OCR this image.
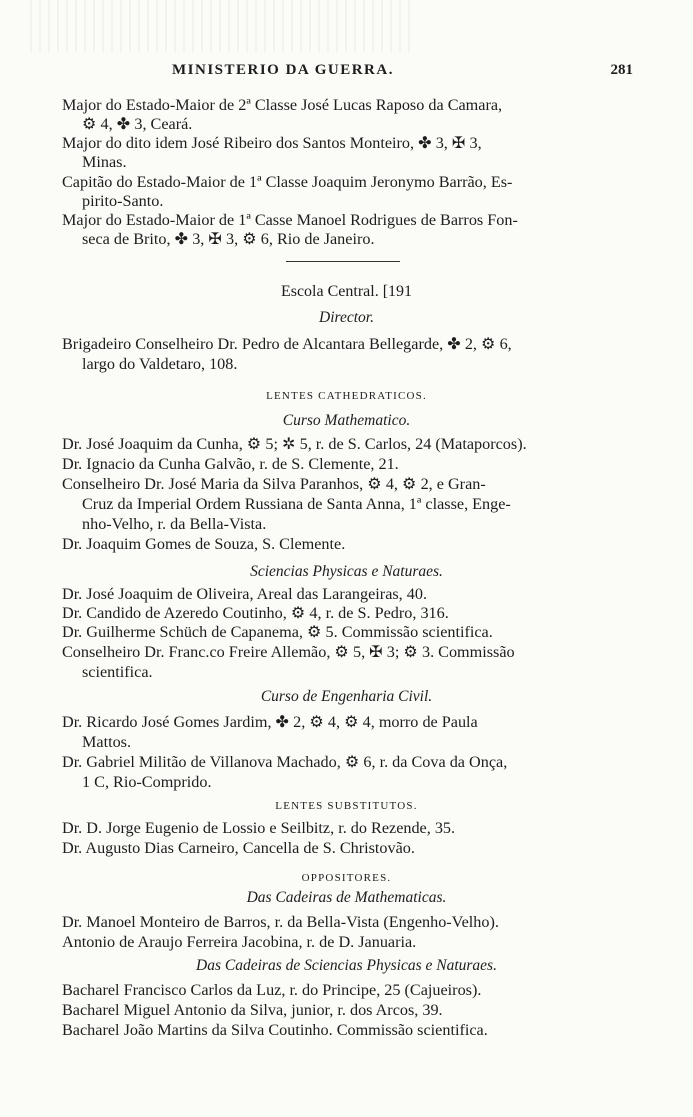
MINISTERIO DA GUERRA.	281
Major do Estado-Maior de 2ª Classe José Lucas Raposo da Camara,
⚙ 4, ✤ 3, Ceará.
Major do dito idem José Ribeiro dos Santos Monteiro, ✤ 3, ✠ 3,
Minas.
Capitão do Estado-Maior de 1ª Classe Joaquim Jeronymo Barrão, Es-
pirito-Santo.
Major do Estado-Maior de 1ª Casse Manoel Rodrigues de Barros Fon-
seca de Brito, ✤ 3, ✠ 3, ⚙ 6, Rio de Janeiro.
Escola Central. [191
Director.
Brigadeiro Conselheiro Dr. Pedro de Alcantara Bellegarde, ✤ 2, ⚙ 6,
largo do Valdetaro, 108.
LENTES CATHEDRATICOS.
Curso Mathematico.
Dr. José Joaquim da Cunha, ⚙ 5; ✲ 5, r. de S. Carlos, 24 (Mataporcos).
Dr. Ignacio da Cunha Galvão, r. de S. Clemente, 21.
Conselheiro Dr. José Maria da Silva Paranhos, ⚙ 4, ⚙ 2, e Gran-
Cruz da Imperial Ordem Russiana de Santa Anna, 1ª classe, Enge-
nho-Velho, r. da Bella-Vista.
Dr. Joaquim Gomes de Souza, S. Clemente.
Sciencias Physicas e Naturaes.
Dr. José Joaquim de Oliveira, Areal das Larangeiras, 40.
Dr. Candido de Azeredo Coutinho, ⚙ 4, r. de S. Pedro, 316.
Dr. Guilherme Schüch de Capanema, ⚙ 5. Commissão scientifica.
Conselheiro Dr. Franc.co Freire Allemão, ⚙ 5, ✠ 3; ⚙ 3. Commissão
scientifica.
Curso de Engenharia Civil.
Dr. Ricardo José Gomes Jardim, ✤ 2, ⚙ 4, ⚙ 4, morro de Paula
Mattos.
Dr. Gabriel Militão de Villanova Machado, ⚙ 6, r. da Cova da Onça,
1 C, Rio-Comprido.
LENTES SUBSTITUTOS.
Dr. D. Jorge Eugenio de Lossio e Seilbitz, r. do Rezende, 35.
Dr. Augusto Dias Carneiro, Cancella de S. Christovão.
OPPOSITORES.
Das Cadeiras de Mathematicas.
Dr. Manoel Monteiro de Barros, r. da Bella-Vista (Engenho-Velho).
Antonio de Araujo Ferreira Jacobina, r. de D. Januaria.
Das Cadeiras de Sciencias Physicas e Naturaes.
Bacharel Francisco Carlos da Luz, r. do Principe, 25 (Cajueiros).
Bacharel Miguel Antonio da Silva, junior, r. dos Arcos, 39.
Bacharel João Martins da Silva Coutinho. Commissão scientifica.
